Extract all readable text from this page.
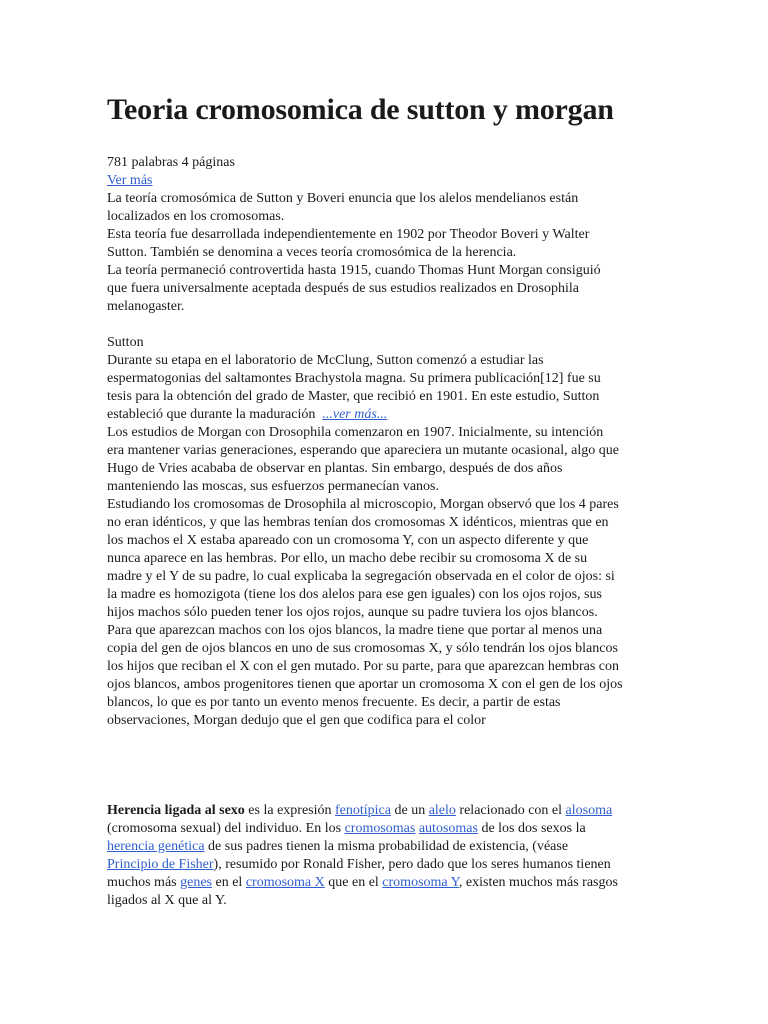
Teoria cromosomica de sutton y morgan
781 palabras 4 páginas
Ver más
La teoría cromosómica de Sutton y Boveri enuncia que los alelos mendelianos están
localizados en los cromosomas.
Esta teoría fue desarrollada independientemente en 1902 por Theodor Boveri y Walter
Sutton. También se denomina a veces teoría cromosómica de la herencia.
La teoría permaneció controvertida hasta 1915, cuando Thomas Hunt Morgan consiguió
que fuera universalmente aceptada después de sus estudios realizados en Drosophila
melanogaster.
Sutton
Durante su etapa en el laboratorio de McClung, Sutton comenzó a estudiar las
espermatogonias del saltamontes Brachystola magna. Su primera publicación[12] fue su
tesis para la obtención del grado de Master, que recibió en 1901. En este estudio, Sutton
estableció que durante la maduración ...ver más...
Los estudios de Morgan con Drosophila comenzaron en 1907. Inicialmente, su intención
era mantener varias generaciones, esperando que apareciera un mutante ocasional, algo que
Hugo de Vries acababa de observar en plantas. Sin embargo, después de dos años
manteniendo las moscas, sus esfuerzos permanecían vanos.
Estudiando los cromosomas de Drosophila al microscopio, Morgan observó que los 4 pares
no eran idénticos, y que las hembras tenían dos cromosomas X idénticos, mientras que en
los machos el X estaba apareado con un cromosoma Y, con un aspecto diferente y que
nunca aparece en las hembras. Por ello, un macho debe recibir su cromosoma X de su
madre y el Y de su padre, lo cual explicaba la segregación observada en el color de ojos: si
la madre es homozigota (tiene los dos alelos para ese gen iguales) con los ojos rojos, sus
hijos machos sólo pueden tener los ojos rojos, aunque su padre tuviera los ojos blancos.
Para que aparezcan machos con los ojos blancos, la madre tiene que portar al menos una
copia del gen de ojos blancos en uno de sus cromosomas X, y sólo tendrán los ojos blancos
los hijos que reciban el X con el gen mutado. Por su parte, para que aparezcan hembras con
ojos blancos, ambos progenitores tienen que aportar un cromosoma X con el gen de los ojos
blancos, lo que es por tanto un evento menos frecuente. Es decir, a partir de estas
observaciones, Morgan dedujo que el gen que codifica para el color
Herencia ligada al sexo es la expresión fenotípica de un alelo relacionado con el alosoma
(cromosoma sexual) del individuo. En los cromosomas autosomas de los dos sexos la
herencia genética de sus padres tienen la misma probabilidad de existencia, (véase
Principio de Fisher), resumido por Ronald Fisher, pero dado que los seres humanos tienen
muchos más genes en el cromosoma X que en el cromosoma Y, existen muchos más rasgos
ligados al X que al Y.
